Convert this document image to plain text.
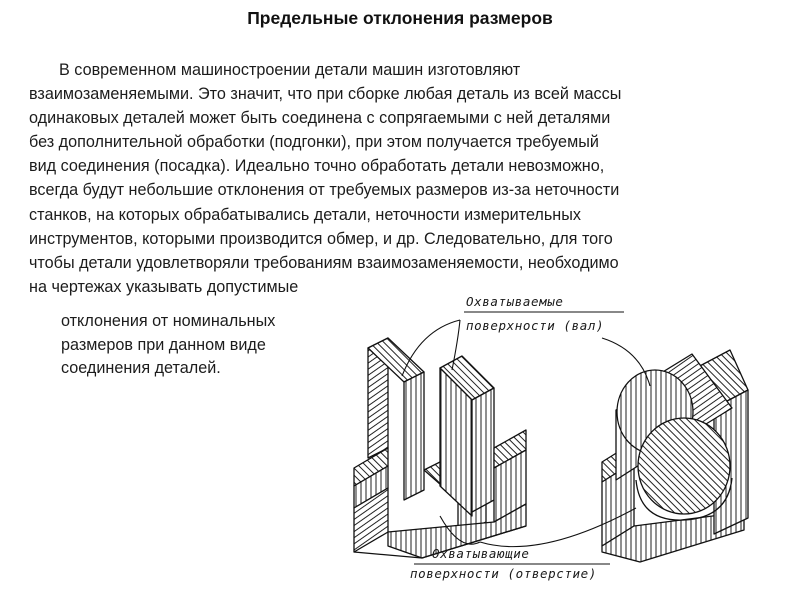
Предельные отклонения размеров

В современном машиностроении детали машин изготовляют
взаимозаменяемыми. Это значит, что при сборке любая деталь из всей массы
одинаковых деталей может быть соединена с сопрягаемыми с ней деталями
без дополнительной обработки (подгонки), при этом получается требуемый
вид соединения (посадка). Идеально точно обработать детали невозможно,
всегда будут небольшие отклонения от требуемых размеров из-за неточности
станков, на которых обрабатывались детали, неточности измерительных
инструментов, которыми производится обмер, и др. Следовательно, для того
чтобы детали удовлетворяли требованиям взаимозаменяемости, необходимо
на чертежах указывать допустимые

отклонения от номинальных
размеров при данном виде
соединения деталей.

Охватываемые
поверхности (вал)
Охватывающие
поверхности (отверстие)
